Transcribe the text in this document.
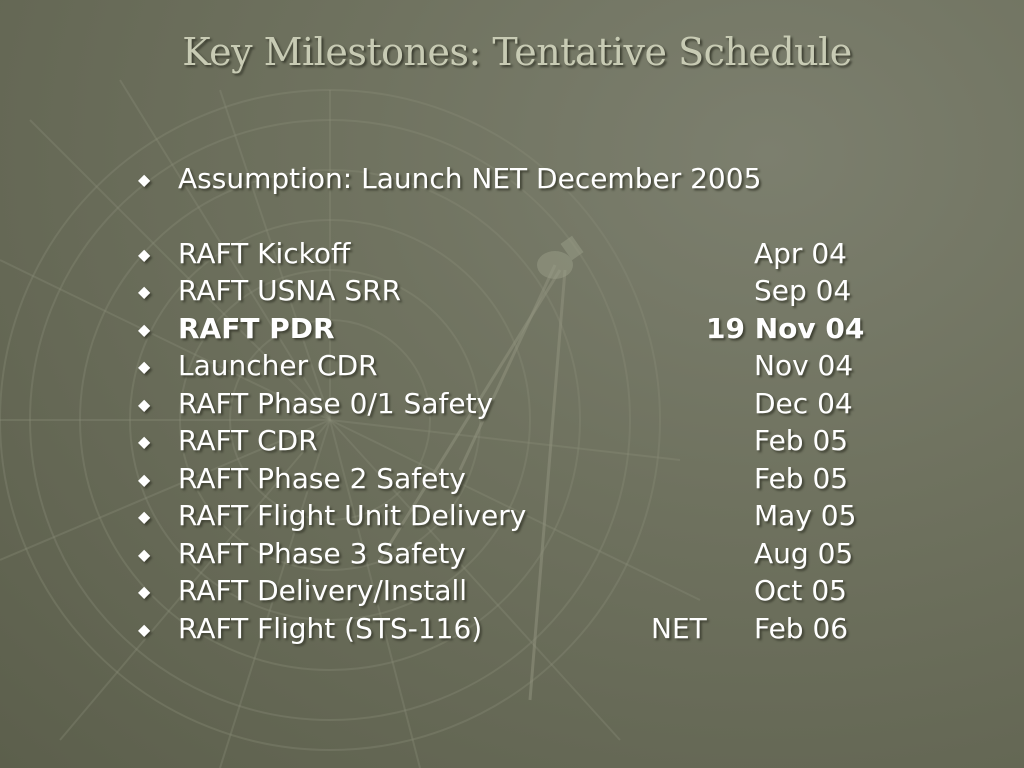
Key Milestones: Tentative Schedule
◆ Assumption: Launch NET December 2005
◆ RAFT Kickoff	Apr 04
◆ RAFT USNA SRR	Sep 04
◆ RAFT PDR	19 Nov 04
◆ Launcher CDR	Nov 04
◆ RAFT Phase 0/1 Safety	Dec 04
◆ RAFT CDR	Feb 05
◆ RAFT Phase 2 Safety	Feb 05
◆ RAFT Flight Unit Delivery	May 05
◆ RAFT Phase 3 Safety	Aug 05
◆ RAFT Delivery/Install	Oct 05
◆ RAFT Flight (STS-116)	NET Feb 06
